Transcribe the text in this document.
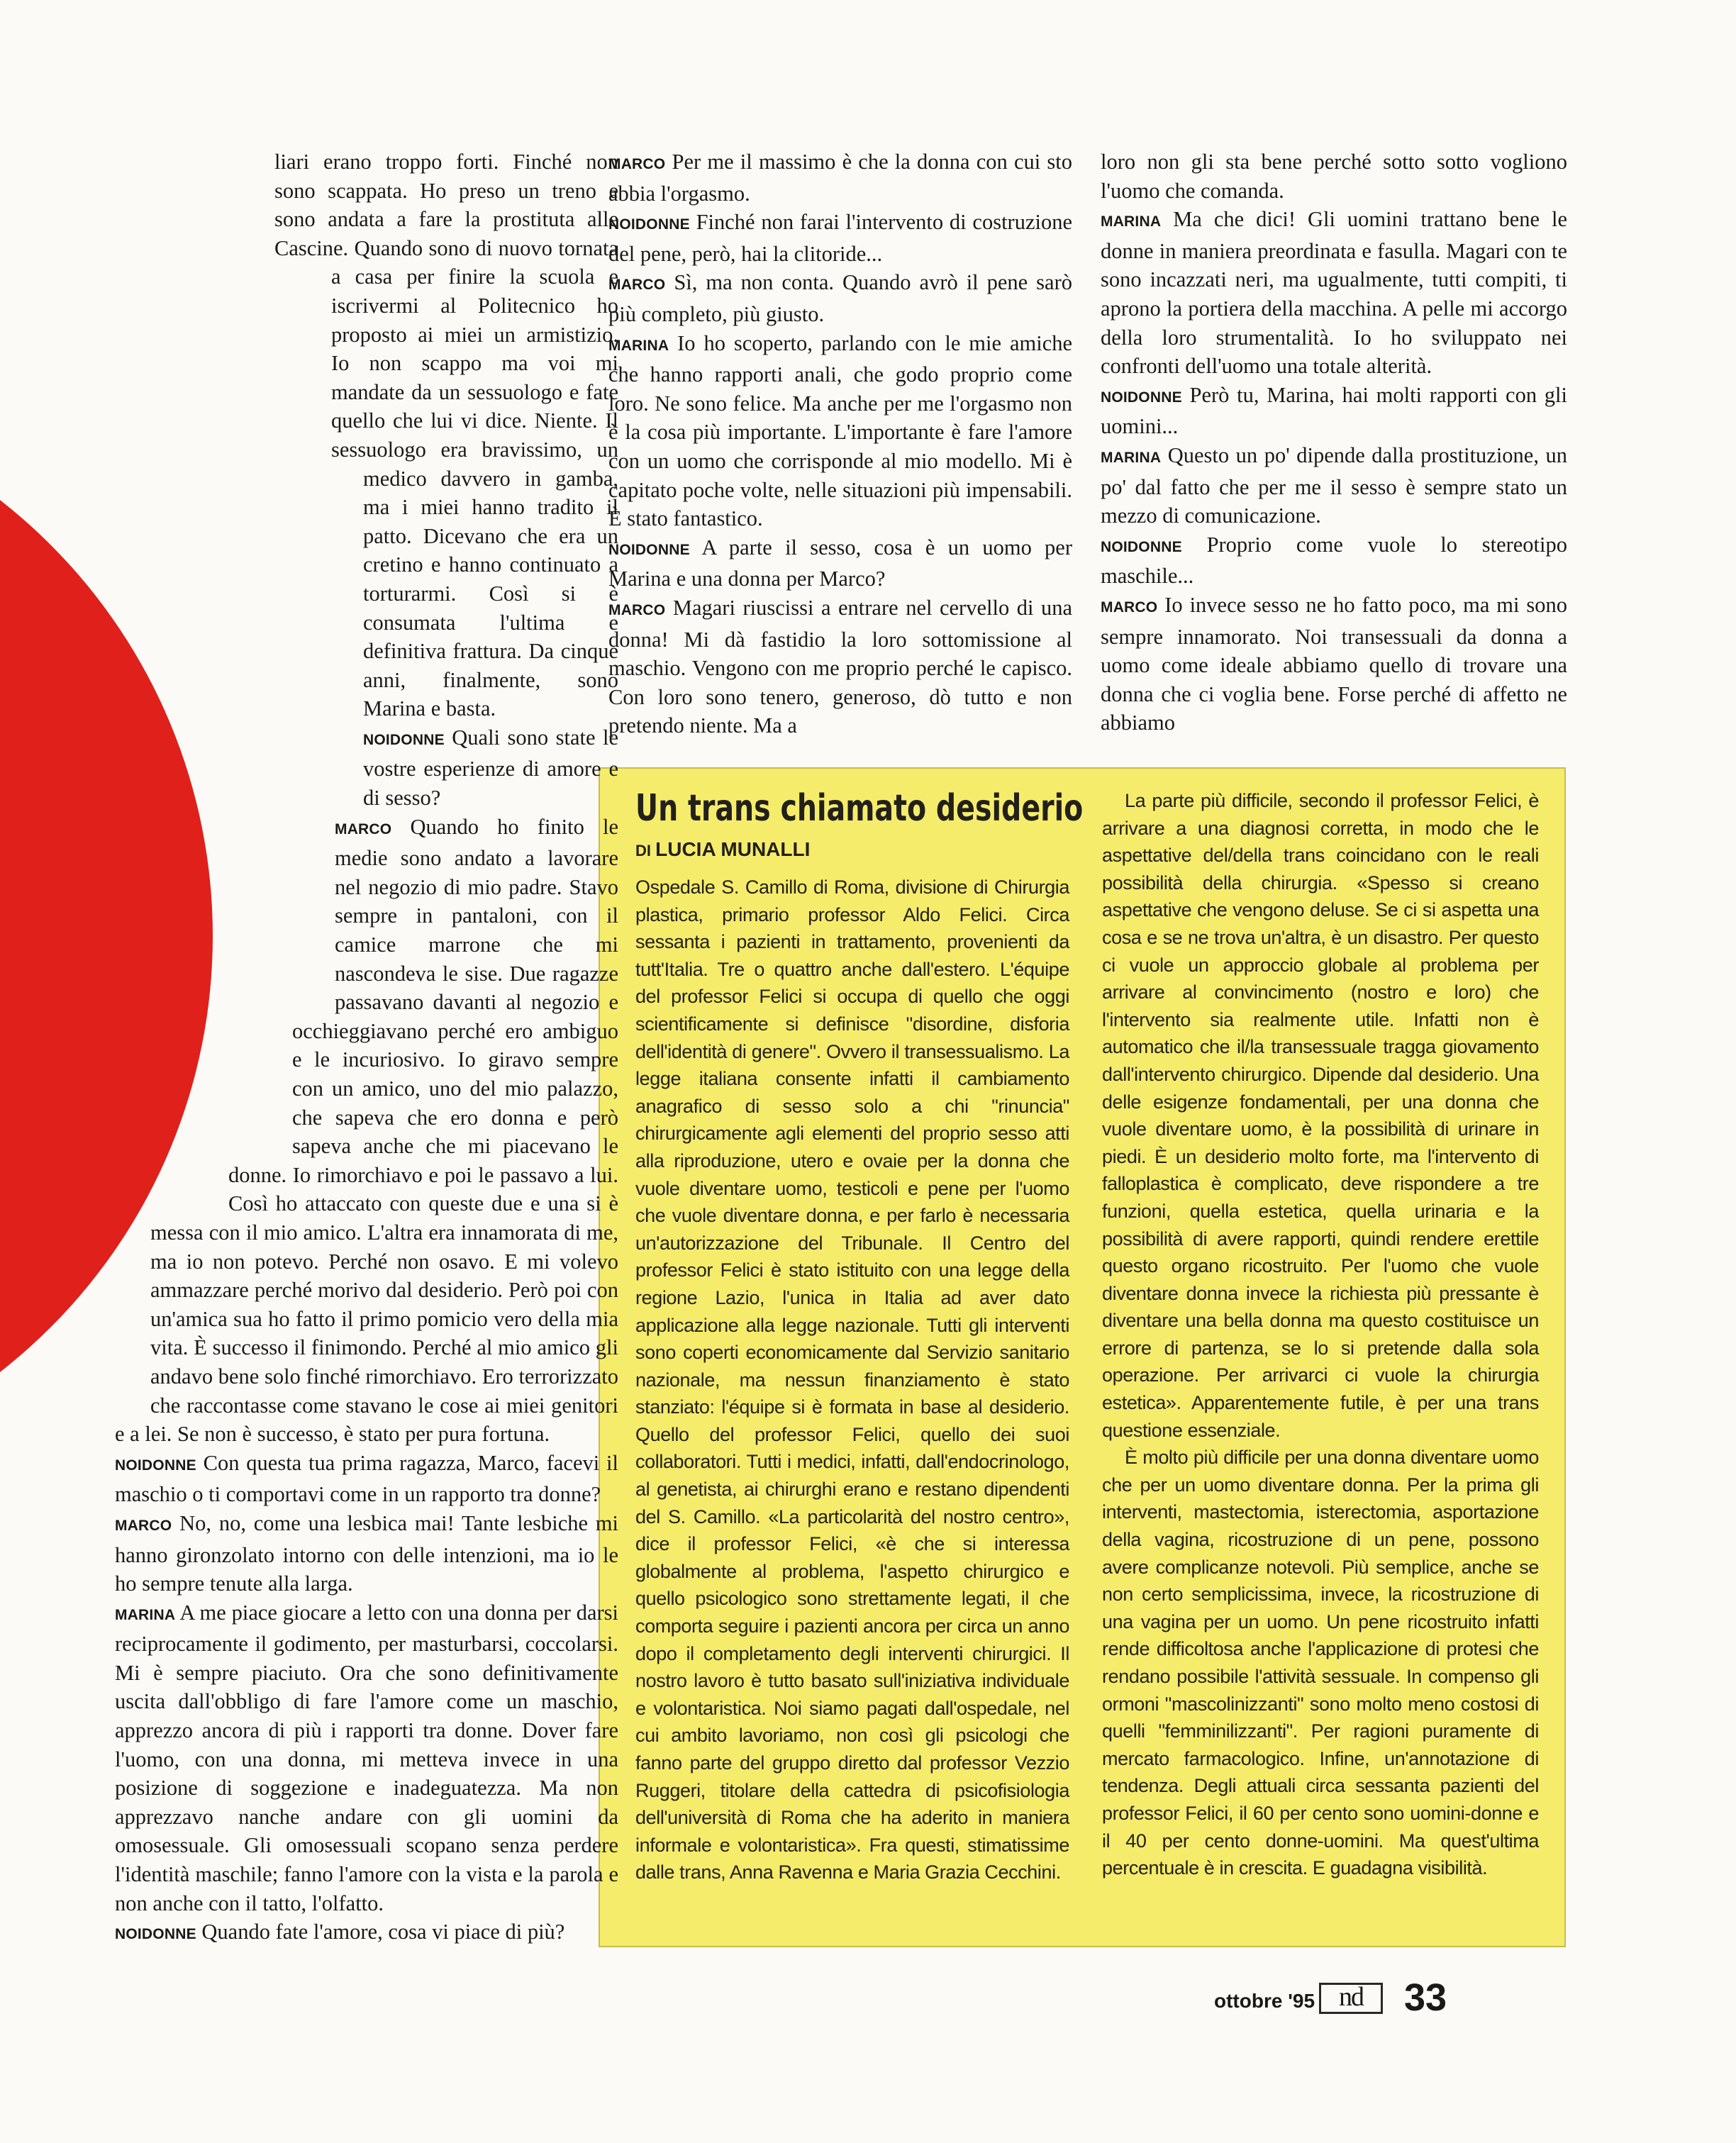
liari erano troppo forti. Finché non sono scappata. Ho preso un treno e sono andata a fare la prostituta alle Cascine. Quando sono di nuovo tornata a casa per finire la scuola e iscrivermi al Politecnico ho proposto ai miei un armistizio. Io non scappo ma voi mi mandate da un sessuologo e fate quello che lui vi dice. Niente. Il sessuologo era bravissimo, un medico davvero in gamba, ma i miei hanno tradito il patto. Dicevano che era un cretino e hanno continuato a torturarmi. Così si è consumata l'ultima e definitiva frattura. Da cinque anni, finalmente, sono Marina e basta.

NOIDONNE Quali sono state le vostre esperienze di amore e di sesso?

MARCO Quando ho finito le medie sono andato a lavorare nel negozio di mio padre. Stavo sempre in pantaloni, con il camice marrone che mi nascondeva le sise. Due ragazze passavano davanti al negozio e occhieggiavano perché ero ambiguo e le incuriosivo. Io giravo sempre con un amico, uno del mio palazzo, che sapeva che ero donna e però sapeva anche che mi piacevano le donne. Io rimorchiavo e poi le passavo a lui. Così ho attaccato con queste due e una si è messa con il mio amico. L'altra era innamorata di me, ma io non potevo. Perché non osavo. E mi volevo ammazzare perché morivo dal desiderio. Però poi con un'amica sua ho fatto il primo pomicio vero della mia vita. È successo il finimondo. Perché al mio amico gli andavo bene solo finché rimorchiavo. Ero terrorizzato che raccontasse come stavano le cose ai miei genitori e a lei. Se non è successo, è stato per pura fortuna.

NOIDONNE Con questa tua prima ragazza, Marco, facevi il maschio o ti comportavi come in un rapporto tra donne?

MARCO No, no, come una lesbica mai! Tante lesbiche mi hanno gironzolato intorno con delle intenzioni, ma io le ho sempre tenute alla larga.

MARINA A me piace giocare a letto con una donna per darsi reciprocamente il godimento, per masturbarsi, coccolarsi. Mi è sempre piaciuto. Ora che sono definitivamente uscita dall'obbligo di fare l'amore come un maschio, apprezzo ancora di più i rapporti tra donne. Dover fare l'uomo, con una donna, mi metteva invece in una posizione di soggezione e inadeguatezza. Ma non apprezzavo nanche andare con gli uomini da omosessuale. Gli omosessuali scopano senza perdere l'identità maschile; fanno l'amore con la vista e la parola e non anche con il tatto, l'olfatto.

NOIDONNE Quando fate l'amore, cosa vi piace di più?

MARCO Per me il massimo è che la donna con cui sto abbia l'orgasmo.

NOIDONNE Finché non farai l'intervento di costruzione del pene, però, hai la clitoride...

MARCO Sì, ma non conta. Quando avrò il pene sarò più completo, più giusto.

MARINA Io ho scoperto, parlando con le mie amiche che hanno rapporti anali, che godo proprio come loro. Ne sono felice. Ma anche per me l'orgasmo non è la cosa più importante. L'importante è fare l'amore con un uomo che corrisponde al mio modello. Mi è capitato poche volte, nelle situazioni più impensabili. È stato fantastico.

NOIDONNE A parte il sesso, cosa è un uomo per Marina e una donna per Marco?

MARCO Magari riuscissi a entrare nel cervello di una donna! Mi dà fastidio la loro sottomissione al maschio. Vengono con me proprio perché le capisco. Con loro sono tenero, generoso, dò tutto e non pretendo niente. Ma a

loro non gli sta bene perché sotto sotto vogliono l'uomo che comanda.

MARINA Ma che dici! Gli uomini trattano bene le donne in maniera preordinata e fasulla. Magari con te sono incazzati neri, ma ugualmente, tutti compiti, ti aprono la portiera della macchina. A pelle mi accorgo della loro strumentalità. Io ho sviluppato nei confronti dell'uomo una totale alterità.

NOIDONNE Però tu, Marina, hai molti rapporti con gli uomini...

MARINA Questo un po' dipende dalla prostituzione, un po' dal fatto che per me il sesso è sempre stato un mezzo di comunicazione.

NOIDONNE Proprio come vuole lo stereotipo maschile...

MARCO Io invece sesso ne ho fatto poco, ma mi sono sempre innamorato. Noi transessuali da donna a uomo come ideale abbiamo quello di trovare una donna che ci voglia bene. Forse perché di affetto ne abbiamo

Un trans chiamato desiderio
DI LUCIA MUNALLI

Ospedale S. Camillo di Roma, divisione di Chirurgia plastica, primario professor Aldo Felici. Circa sessanta i pazienti in trattamento, provenienti da tutt'Italia. Tre o quattro anche dall'estero. L'équipe del professor Felici si occupa di quello che oggi scientificamente si definisce "disordine, disforia dell'identità di genere". Ovvero il transessualismo. La legge italiana consente infatti il cambiamento anagrafico di sesso solo a chi "rinuncia" chirurgicamente agli elementi del proprio sesso atti alla riproduzione, utero e ovaie per la donna che vuole diventare uomo, testicoli e pene per l'uomo che vuole diventare donna, e per farlo è necessaria un'autorizzazione del Tribunale. Il Centro del professor Felici è stato istituito con una legge della regione Lazio, l'unica in Italia ad aver dato applicazione alla legge nazionale. Tutti gli interventi sono coperti economicamente dal Servizio sanitario nazionale, ma nessun finanziamento è stato stanziato: l'équipe si è formata in base al desiderio. Quello del professor Felici, quello dei suoi collaboratori. Tutti i medici, infatti, dall'endocrinologo, al genetista, ai chirurghi erano e restano dipendenti del S. Camillo. «La particolarità del nostro centro», dice il professor Felici, «è che si interessa globalmente al problema, l'aspetto chirurgico e quello psicologico sono strettamente legati, il che comporta seguire i pazienti ancora per circa un anno dopo il completamento degli interventi chirurgici. Il nostro lavoro è tutto basato sull'iniziativa individuale e volontaristica. Noi siamo pagati dall'ospedale, nel cui ambito lavoriamo, non così gli psicologi che fanno parte del gruppo diretto dal professor Vezzio Ruggeri, titolare della cattedra di psicofisiologia dell'università di Roma che ha aderito in maniera informale e volontaristica». Fra questi, stimatissime dalle trans, Anna Ravenna e Maria Grazia Cecchini.

La parte più difficile, secondo il professor Felici, è arrivare a una diagnosi corretta, in modo che le aspettative del/della trans coincidano con le reali possibilità della chirurgia. «Spesso si creano aspettative che vengono deluse. Se ci si aspetta una cosa e se ne trova un'altra, è un disastro. Per questo ci vuole un approccio globale al problema per arrivare al convincimento (nostro e loro) che l'intervento sia realmente utile. Infatti non è automatico che il/la transessuale tragga giovamento dall'intervento chirurgico. Dipende dal desiderio. Una delle esigenze fondamentali, per una donna che vuole diventare uomo, è la possibilità di urinare in piedi. È un desiderio molto forte, ma l'intervento di falloplastica è complicato, deve rispondere a tre funzioni, quella estetica, quella urinaria e la possibilità di avere rapporti, quindi rendere erettile questo organo ricostruito. Per l'uomo che vuole diventare donna invece la richiesta più pressante è diventare una bella donna ma questo costituisce un errore di partenza, se lo si pretende dalla sola operazione. Per arrivarci ci vuole la chirurgia estetica». Apparentemente futile, è per una trans questione essenziale.

È molto più difficile per una donna diventare uomo che per un uomo diventare donna. Per la prima gli interventi, mastectomia, isterectomia, asportazione della vagina, ricostruzione di un pene, possono avere complicanze notevoli. Più semplice, anche se non certo semplicissima, invece, la ricostruzione di una vagina per un uomo. Un pene ricostruito infatti rende difficoltosa anche l'applicazione di protesi che rendano possibile l'attività sessuale. In compenso gli ormoni "mascolinizzanti" sono molto meno costosi di quelli "femminilizzanti". Per ragioni puramente di mercato farmacologico. Infine, un'annotazione di tendenza. Degli attuali circa sessanta pazienti del professor Felici, il 60 per cento sono uomini-donne e il 40 per cento donne-uomini. Ma quest'ultima percentuale è in crescita. E guadagna visibilità.

ottobre '95 nd	33
